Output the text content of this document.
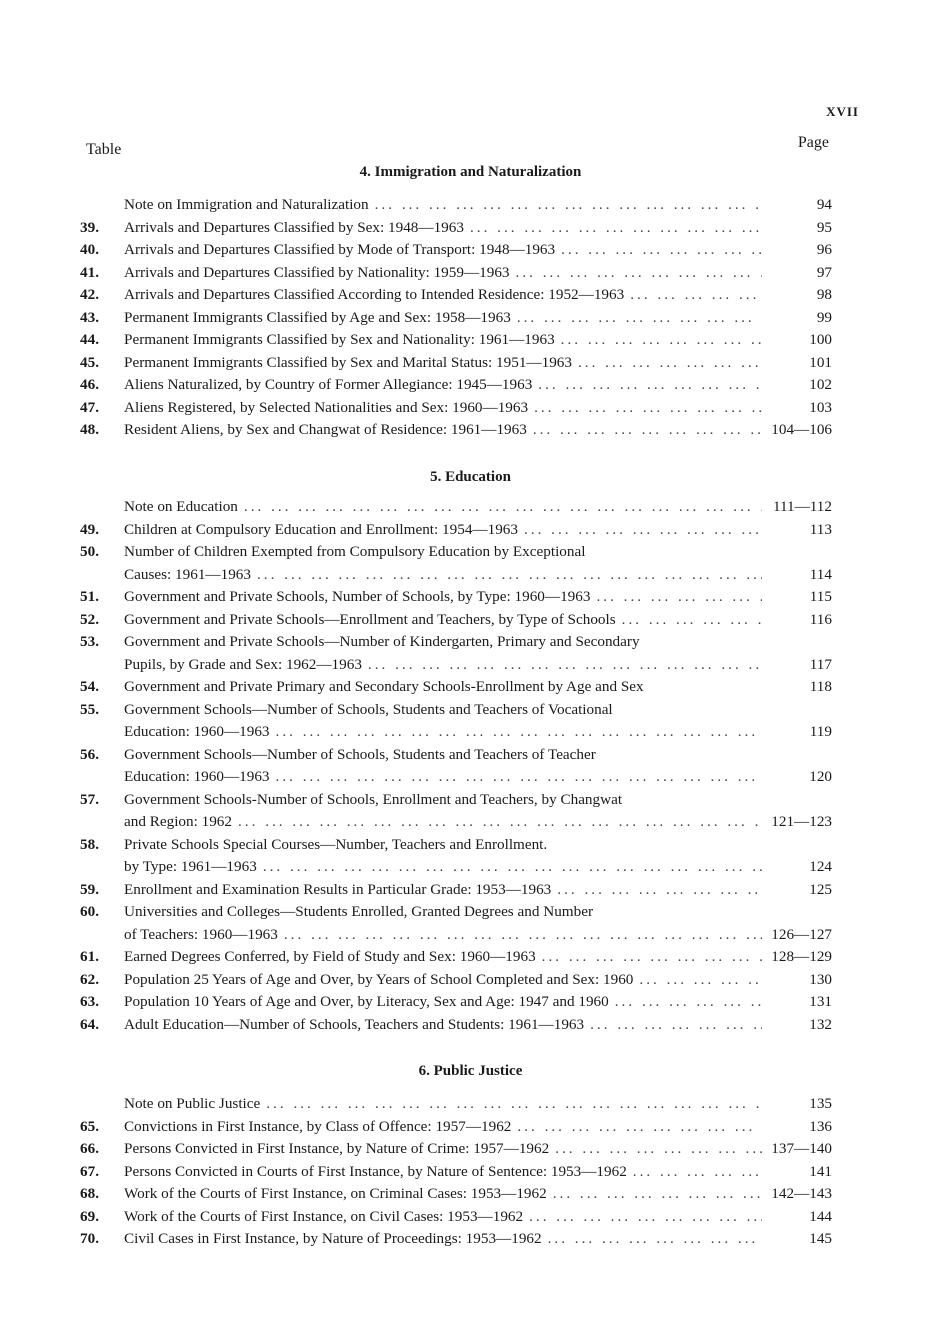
XVII
Table	Page
4. Immigration and Naturalization
Note on Immigration and Naturalization ... .	94
39.	Arrivals and Departures Classified by Sex: 1948—1963 ... .	95
40.	Arrivals and Departures Classified by Mode of Transport: 1948—1963 ... .	96
41.	Arrivals and Departures Classified by Nationality: 1959—1963 ... .	97
42.	Arrivals and Departures Classified According to Intended Residence: 1952—1963 ... .	98
43.	Permanent Immigrants Classified by Age and Sex: 1958—1963 ... .	99
44.	Permanent Immigrants Classified by Sex and Nationality: 1961—1963 ... .	100
45.	Permanent Immigrants Classified by Sex and Marital Status: 1951—1963 ... .	101
46.	Aliens Naturalized, by Country of Former Allegiance: 1945—1963 ... .	102
47.	Aliens Registered, by Selected Nationalities and Sex: 1960—1963 ... .	103
48.	Resident Aliens, by Sex and Changwat of Residence: 1961—1963 ... .	104—106
5. Education
Note on Education ... .	111—112
49.	Children at Compulsory Education and Enrollment: 1954—1963 ... .	113
50.	Number of Children Exempted from Compulsory Education by Exceptional
Causes: 1961—1963 ... .	114
51.	Government and Private Schools, Number of Schools, by Type: 1960—1963 ... .	115
52.	Government and Private Schools—Enrollment and Teachers, by Type of Schools ... .	116
53.	Government and Private Schools—Number of Kindergarten, Primary and Secondary
Pupils, by Grade and Sex: 1962—1963 ... .	117
54.	Government and Private Primary and Secondary Schools-Enrollment by Age and Sex	118
55.	Government Schools—Number of Schools, Students and Teachers of Vocational
Education: 1960—1963 ... .	119
56.	Government Schools—Number of Schools, Students and Teachers of Teacher
Education: 1960—1963 ... .	120
57.	Government Schools-Number of Schools, Enrollment and Teachers, by Changwat
and Region: 1962 ... .	121—123
58.	Private Schools Special Courses—Number, Teachers and Enrollment.
by Type: 1961—1963 ... .	124
59.	Enrollment and Examination Results in Particular Grade: 1953—1963 ... .	125
60.	Universities and Colleges—Students Enrolled, Granted Degrees and Number
of Teachers: 1960—1963 ... .	126—127
61.	Earned Degrees Conferred, by Field of Study and Sex: 1960—1963 ... .	128—129
62.	Population 25 Years of Age and Over, by Years of School Completed and Sex: 1960 ... .	130
63.	Population 10 Years of Age and Over, by Literacy, Sex and Age: 1947 and 1960 ... .	131
64.	Adult Education—Number of Schools, Teachers and Students: 1961—1963 ... .	132
6. Public Justice
Note on Public Justice ... .	135
65.	Convictions in First Instance, by Class of Offence: 1957—1962 ... .	136
66.	Persons Convicted in First Instance, by Nature of Crime: 1957—1962 ... .	137—140
67.	Persons Convicted in Courts of First Instance, by Nature of Sentence: 1953—1962 ... .	141
68.	Work of the Courts of First Instance, on Criminal Cases: 1953—1962 ... .	142—143
69.	Work of the Courts of First Instance, on Civil Cases: 1953—1962 ... .	144
70.	Civil Cases in First Instance, by Nature of Proceedings: 1953—1962 ... .	145
